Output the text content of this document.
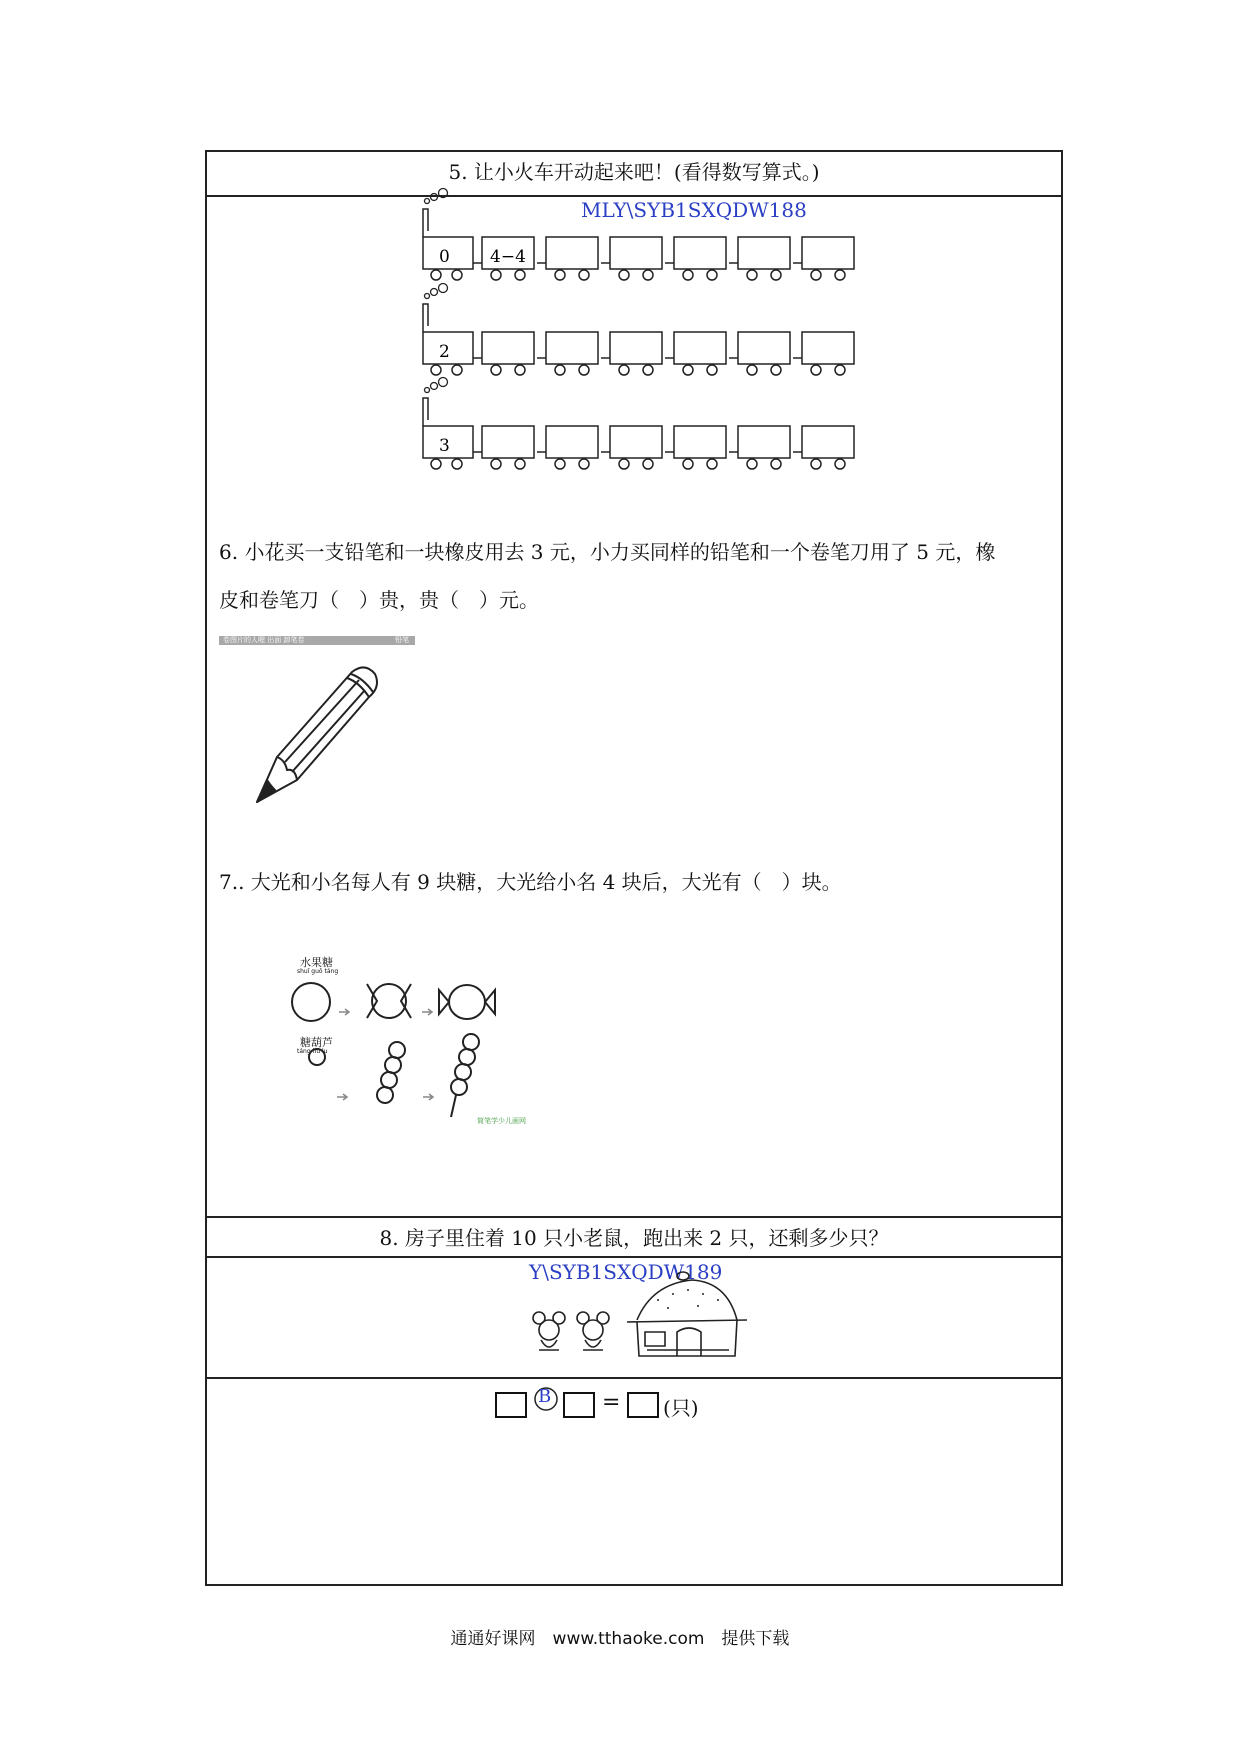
5. 让小火车开动起来吧！(看得数写算式。)
MLY\SYB1SXQDW188
0 4−4
2
3
6. 小花买一支铅笔和一块橡皮用去 3 元，小力买同样的铅笔和一个卷笔刀用了 5 元，橡
皮和卷笔刀（　）贵，贵（　）元。
卷图片的人喔 出面 卸笔卷	铅笔
7.. 大光和小名每人有 9 块糖，大光给小名 4 块后，大光有（　）块。
水果糖
shuǐ guǒ táng
糖葫芦
táng hú lu
简笔学少儿画网
8. 房子里住着 10 只小老鼠，跑出来 2 只，还剩多少只？
Y\SYB1SXQDW189
B = (只)
通通好课网　www.tthaoke.com　提供下载
